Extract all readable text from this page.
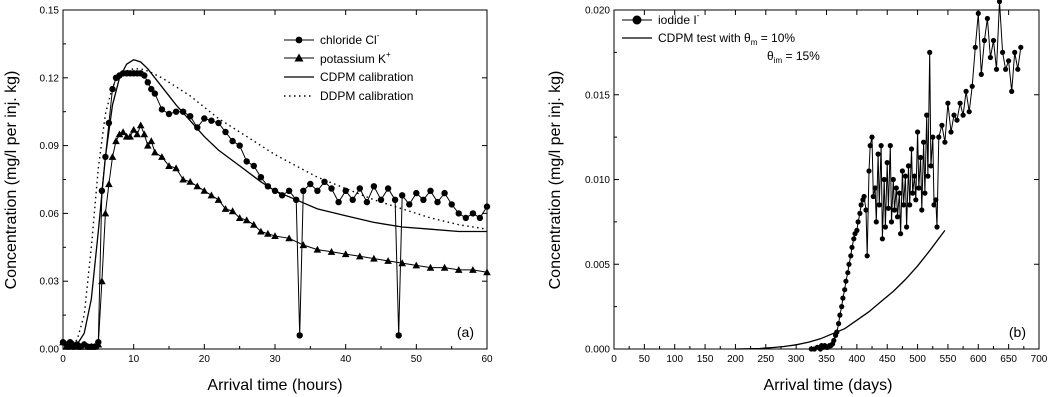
0	10	20	30	40	50	60
0.00
0.03
0.06
0.09
0.12
0.15
(a)
Arrival time (hours)
Concentration (mg/l per inj. kg)
chloride Cl-
potassium K+
CDPM calibration
DDPM calibration
0 50 100 150 200 250 300 350 400 450 500 550 600 650 700
0.000
0.005
0.010
0.015
0.020
(b)
Arrival time (days)
Concentration (mg/l per inj. kg)
iodide I-
CDPM test with $\theta_m = 10\%$
$\theta_{im} = 15\%$
